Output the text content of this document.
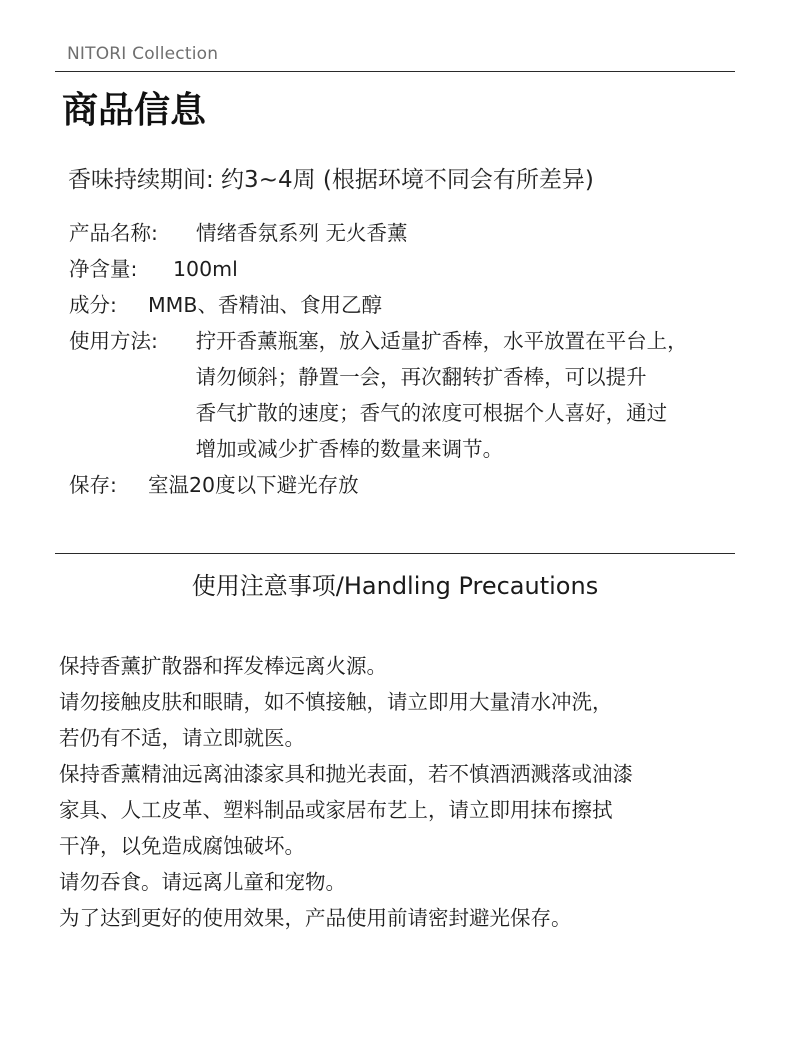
NITORI Collection
商品信息
香味持续期间: 约3~4周 (根据环境不同会有所差异)
产品名称:	情绪香氛系列 无火香薰
净含量:	100ml
成分:	MMB、香精油、食用乙醇
使用方法:	拧开香薰瓶塞，放入适量扩香棒，水平放置在平台上，
请勿倾斜；静置一会，再次翻转扩香棒，可以提升
香气扩散的速度；香气的浓度可根据个人喜好，通过
增加或减少扩香棒的数量来调节。
保存:	室温20度以下避光存放
使用注意事项/Handling Precautions
保持香薰扩散器和挥发棒远离火源。
请勿接触皮肤和眼睛，如不慎接触，请立即用大量清水冲洗，
若仍有不适，请立即就医。
保持香薰精油远离油漆家具和抛光表面，若不慎酒洒溅落或油漆
家具、人工皮革、塑料制品或家居布艺上，请立即用抹布擦拭
干净，以免造成腐蚀破坏。
请勿吞食。请远离儿童和宠物。
为了达到更好的使用效果，产品使用前请密封避光保存。
